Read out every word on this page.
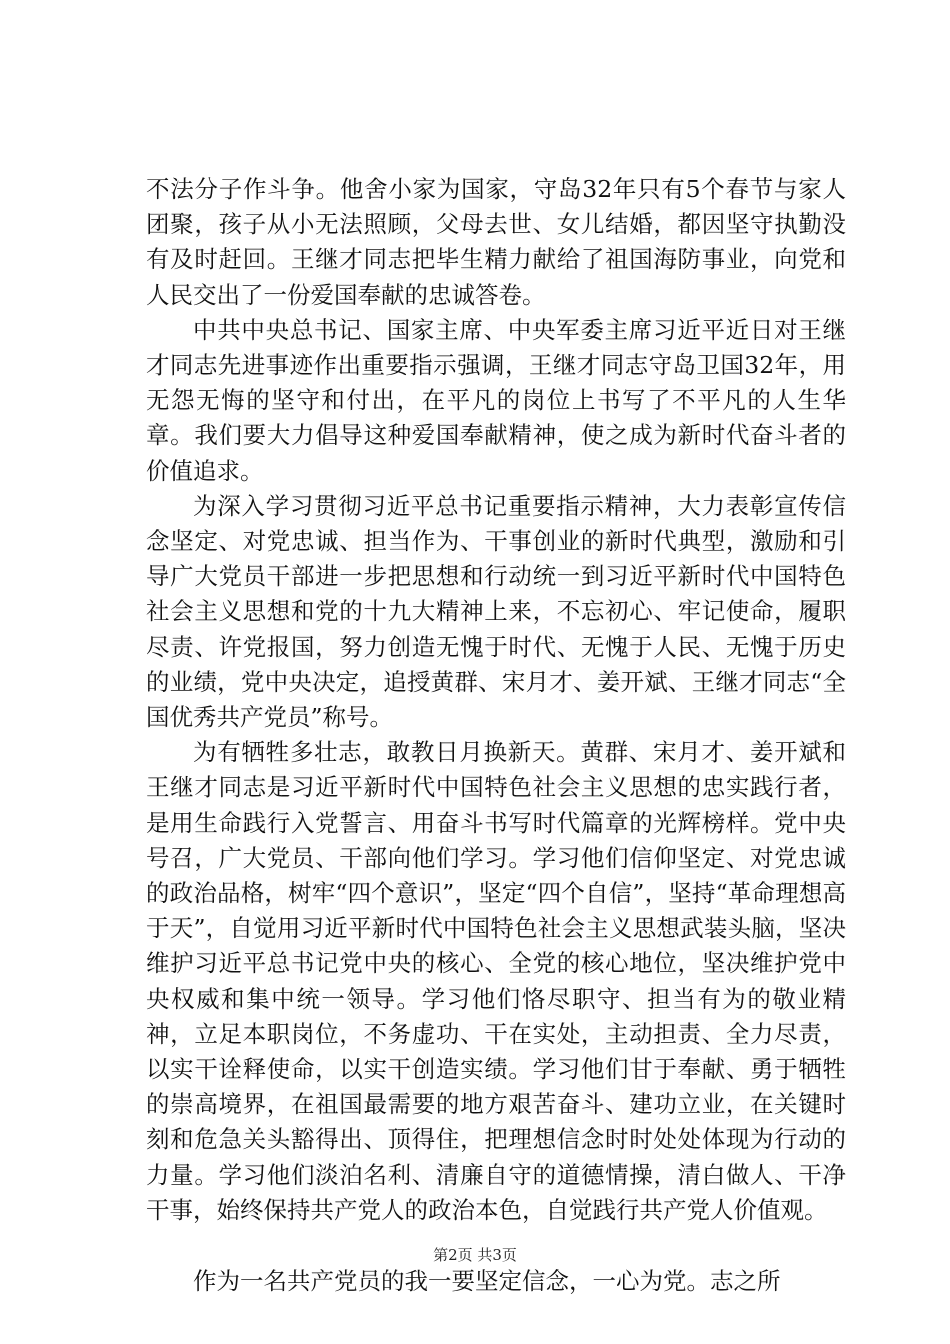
不法分子作斗争。他舍小家为国家，守岛32年只有5个春节与家人团聚，孩子从小无法照顾，父母去世、女儿结婚，都因坚守执勤没有及时赶回。王继才同志把毕生精力献给了祖国海防事业，向党和人民交出了一份爱国奉献的忠诚答卷。

中共中央总书记、国家主席、中央军委主席习近平近日对王继才同志先进事迹作出重要指示强调，王继才同志守岛卫国32年，用无怨无悔的坚守和付出，在平凡的岗位上书写了不平凡的人生华章。我们要大力倡导这种爱国奉献精神，使之成为新时代奋斗者的价值追求。

为深入学习贯彻习近平总书记重要指示精神，大力表彰宣传信念坚定、对党忠诚、担当作为、干事创业的新时代典型，激励和引导广大党员干部进一步把思想和行动统一到习近平新时代中国特色社会主义思想和党的十九大精神上来，不忘初心、牢记使命，履职尽责、许党报国，努力创造无愧于时代、无愧于人民、无愧于历史的业绩，党中央决定，追授黄群、宋月才、姜开斌、王继才同志“全国优秀共产党员”称号。

为有牺牲多壮志，敢教日月换新天。黄群、宋月才、姜开斌和王继才同志是习近平新时代中国特色社会主义思想的忠实践行者，是用生命践行入党誓言、用奋斗书写时代篇章的光辉榜样。党中央号召，广大党员、干部向他们学习。学习他们信仰坚定、对党忠诚的政治品格，树牢“四个意识”，坚定“四个自信”，坚持“革命理想高于天”，自觉用习近平新时代中国特色社会主义思想武装头脑，坚决维护习近平总书记党中央的核心、全党的核心地位，坚决维护党中央权威和集中统一领导。学习他们恪尽职守、担当有为的敬业精神，立足本职岗位，不务虚功、干在实处，主动担责、全力尽责，以实干诠释使命，以实干创造实绩。学习他们甘于奉献、勇于牺牲的崇高境界，在祖国最需要的地方艰苦奋斗、建功立业，在关键时刻和危急关头豁得出、顶得住，把理想信念时时处处体现为行动的力量。学习他们淡泊名利、清廉自守的道德情操，清白做人、干净干事，始终保持共产党人的政治本色，自觉践行共产党人价值观。

作为一名共产党员的我一要坚定信念，一心为党。志之所

第2页 共3页
